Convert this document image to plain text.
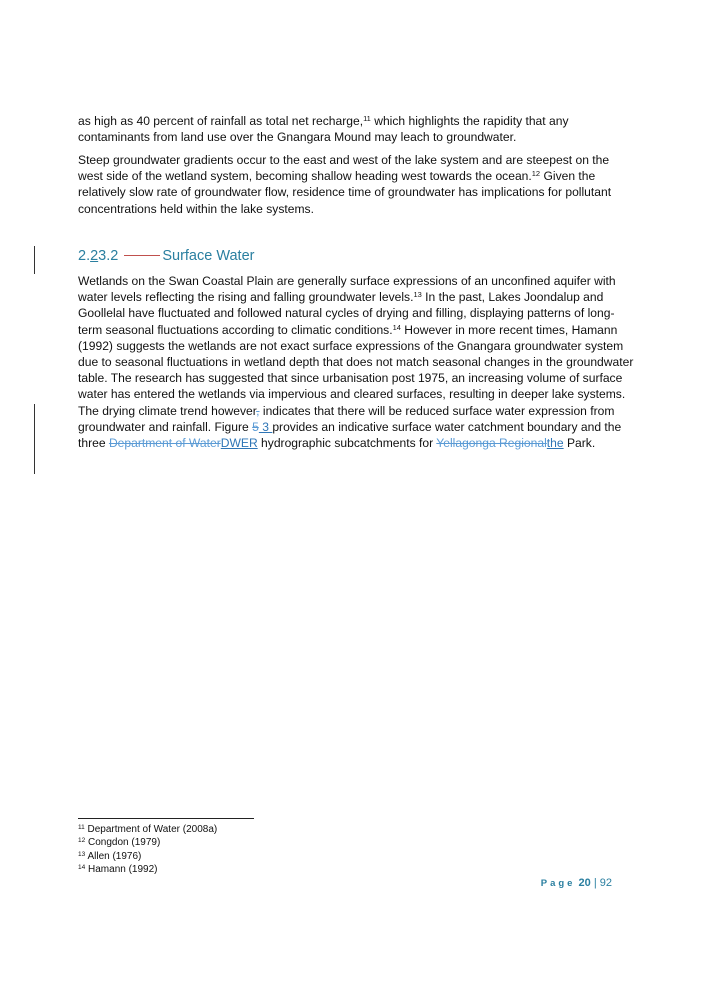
as high as 40 percent of rainfall as total net recharge,$^{11}$ which highlights the rapidity that any contaminants from land use over the Gnangara Mound may leach to groundwater.

Steep groundwater gradients occur to the east and west of the lake system and are steepest on the west side of the wetland system, becoming shallow heading west towards the ocean.$^{12}$ Given the relatively slow rate of groundwater flow, residence time of groundwater has implications for pollutant concentrations held within the lake systems.

2.23.2	Surface Water

Wetlands on the Swan Coastal Plain are generally surface expressions of an unconfined aquifer with water levels reflecting the rising and falling groundwater levels.$^{13}$ In the past, Lakes Joondalup and Goollelal have fluctuated and followed natural cycles of drying and filling, displaying patterns of long-term seasonal fluctuations according to climatic conditions.$^{14}$ However in more recent times, Hamann (1992) suggests the wetlands are not exact surface expressions of the Gnangara groundwater system due to seasonal fluctuations in wetland depth that does not match seasonal changes in the groundwater table. The research has suggested that since urbanisation post 1975, an increasing volume of surface water has entered the wetlands via impervious and cleared surfaces, resulting in deeper lake systems. The drying climate trend however, indicates that there will be reduced surface water expression from groundwater and rainfall. Figure 5 3 provides an indicative surface water catchment boundary and the three Department of WaterDWER hydrographic subcatchments for Yellagonga Regionalthe Park.

$^{11}$ Department of Water (2008a)
$^{12}$ Congdon (1979)
$^{13}$ Allen (1976)
$^{14}$ Hamann (1992)
Page 20 | 92
